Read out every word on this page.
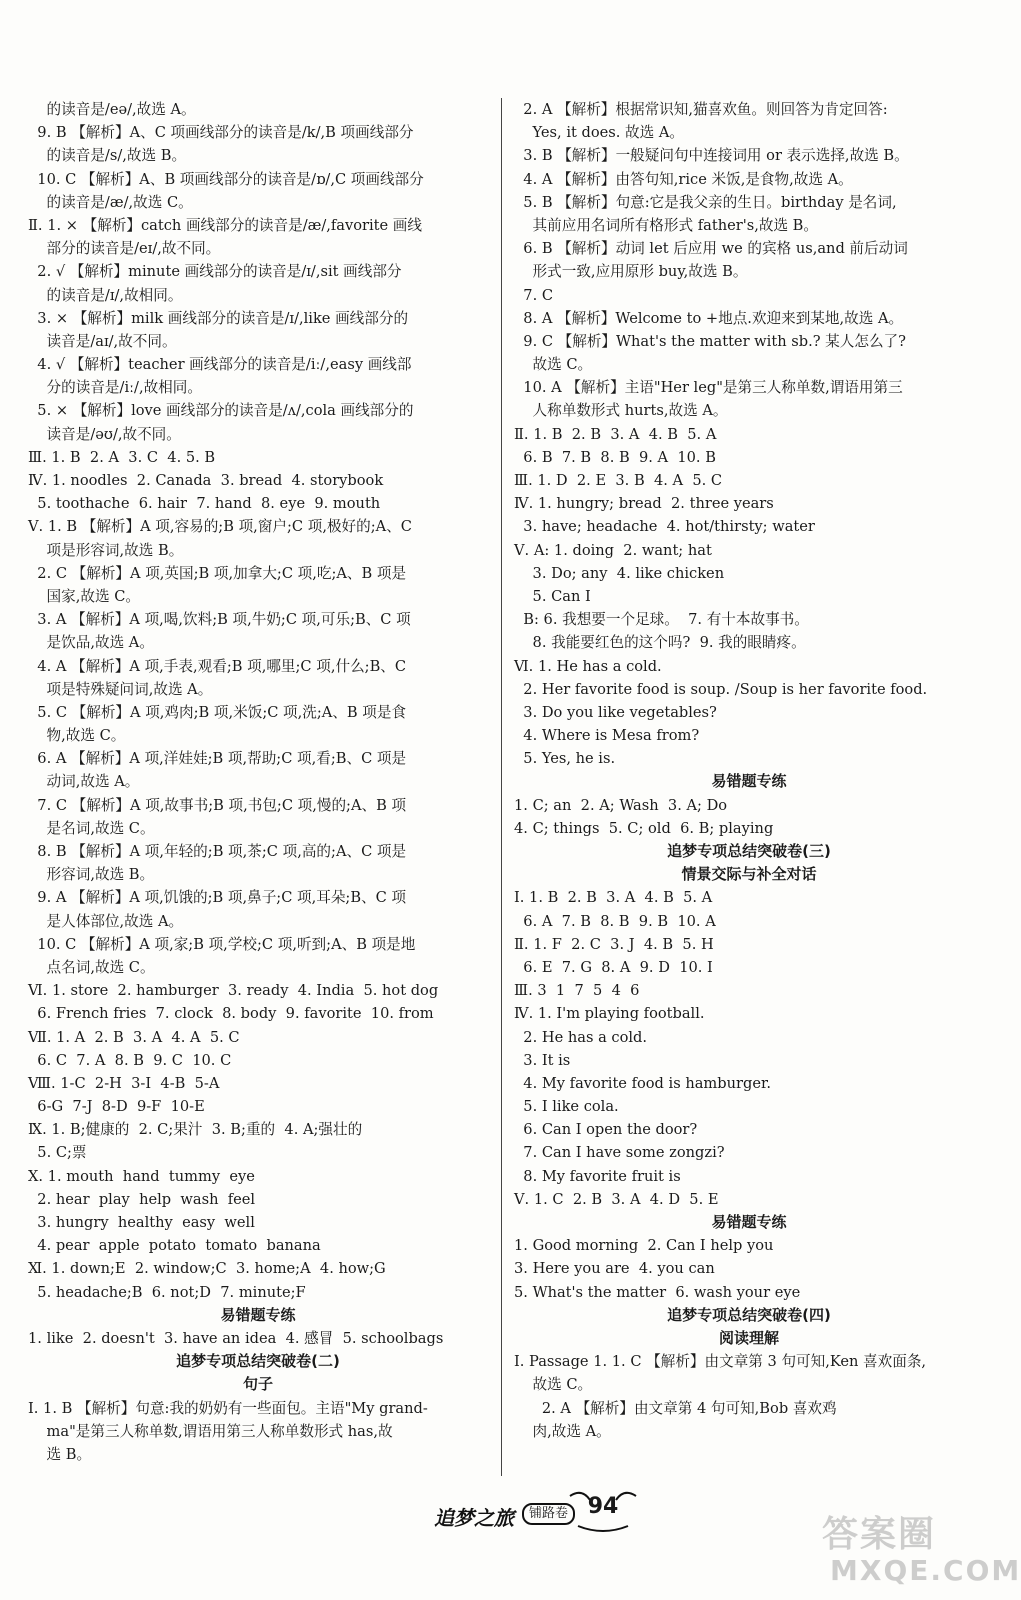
的读音是/eə/,故选 A。
9. B 【解析】A、C 项画线部分的读音是/k/,B 项画线部分
的读音是/s/,故选 B。
10. C 【解析】A、B 项画线部分的读音是/ɒ/,C 项画线部分
的读音是/æ/,故选 C。
Ⅱ. 1. × 【解析】catch 画线部分的读音是/æ/,favorite 画线
部分的读音是/eɪ/,故不同。
2. √ 【解析】minute 画线部分的读音是/ɪ/,sit 画线部分
的读音是/ɪ/,故相同。
3. × 【解析】milk 画线部分的读音是/ɪ/,like 画线部分的
读音是/aɪ/,故不同。
4. √ 【解析】teacher 画线部分的读音是/iː/,easy 画线部
分的读音是/iː/,故相同。
5. × 【解析】love 画线部分的读音是/ʌ/,cola 画线部分的
读音是/əʊ/,故不同。
Ⅲ. 1. B  2. A  3. C  4. 5. B
Ⅳ. 1. noodles  2. Canada  3. bread  4. storybook
5. toothache  6. hair  7. hand  8. eye  9. mouth
Ⅴ. 1. B 【解析】A 项,容易的;B 项,窗户;C 项,极好的;A、C
项是形容词,故选 B。
2. C 【解析】A 项,英国;B 项,加拿大;C 项,吃;A、B 项是
国家,故选 C。
3. A 【解析】A 项,喝,饮料;B 项,牛奶;C 项,可乐;B、C 项
是饮品,故选 A。
4. A 【解析】A 项,手表,观看;B 项,哪里;C 项,什么;B、C
项是特殊疑问词,故选 A。
5. C 【解析】A 项,鸡肉;B 项,米饭;C 项,洗;A、B 项是食
物,故选 C。
6. A 【解析】A 项,洋娃娃;B 项,帮助;C 项,看;B、C 项是
动词,故选 A。
7. C 【解析】A 项,故事书;B 项,书包;C 项,慢的;A、B 项
是名词,故选 C。
8. B 【解析】A 项,年轻的;B 项,茶;C 项,高的;A、C 项是
形容词,故选 B。
9. A 【解析】A 项,饥饿的;B 项,鼻子;C 项,耳朵;B、C 项
是人体部位,故选 A。
10. C 【解析】A 项,家;B 项,学校;C 项,听到;A、B 项是地
点名词,故选 C。
Ⅵ. 1. store  2. hamburger  3. ready  4. India  5. hot dog
6. French fries  7. clock  8. body  9. favorite  10. from
Ⅶ. 1. A  2. B  3. A  4. A  5. C
6. C  7. A  8. B  9. C  10. C
Ⅷ. 1-C  2-H  3-I  4-B  5-A
6-G  7-J  8-D  9-F  10-E
Ⅸ. 1. B;健康的  2. C;果汁  3. B;重的  4. A;强壮的
5. C;票
Ⅹ. 1. mouth  hand  tummy  eye
2. hear  play  help  wash  feel
3. hungry  healthy  easy  well
4. pear  apple  potato  tomato  banana
Ⅺ. 1. down;E  2. window;C  3. home;A  4. how;G
5. headache;B  6. not;D  7. minute;F
易错题专练
1. like  2. doesn't  3. have an idea  4. 感冒  5. schoolbags
追梦专项总结突破卷(二)
句子
Ⅰ. 1. B 【解析】句意:我的奶奶有一些面包。主语"My grand-
ma"是第三人称单数,谓语用第三人称单数形式 has,故
选 B。
2. A 【解析】根据常识知,猫喜欢鱼。则回答为肯定回答:
Yes, it does. 故选 A。
3. B 【解析】一般疑问句中连接词用 or 表示选择,故选 B。
4. A 【解析】由答句知,rice 米饭,是食物,故选 A。
5. B 【解析】句意:它是我父亲的生日。birthday 是名词,
其前应用名词所有格形式 father's,故选 B。
6. B 【解析】动词 let 后应用 we 的宾格 us,and 前后动词
形式一致,应用原形 buy,故选 B。
7. C
8. A 【解析】Welcome to +地点.欢迎来到某地,故选 A。
9. C 【解析】What's the matter with sb.? 某人怎么了?
故选 C。
10. A 【解析】主语"Her leg"是第三人称单数,谓语用第三
人称单数形式 hurts,故选 A。
Ⅱ. 1. B  2. B  3. A  4. B  5. A
6. B  7. B  8. B  9. A  10. B
Ⅲ. 1. D  2. E  3. B  4. A  5. C
Ⅳ. 1. hungry; bread  2. three years
3. have; headache  4. hot/thirsty; water
Ⅴ. A: 1. doing  2. want; hat
3. Do; any  4. like chicken
5. Can I
B: 6. 我想要一个足球。  7. 有十本故事书。
8. 我能要红色的这个吗?  9. 我的眼睛疼。
Ⅵ. 1. He has a cold.
2. Her favorite food is soup. /Soup is her favorite food.
3. Do you like vegetables?
4. Where is Mesa from?
5. Yes, he is.
易错题专练
1. C; an  2. A; Wash  3. A; Do
4. C; things  5. C; old  6. B; playing
追梦专项总结突破卷(三)
情景交际与补全对话
Ⅰ. 1. B  2. B  3. A  4. B  5. A
6. A  7. B  8. B  9. B  10. A
Ⅱ. 1. F  2. C  3. J  4. B  5. H
6. E  7. G  8. A  9. D  10. I
Ⅲ. 3  1  7  5  4  6
Ⅳ. 1. I'm playing football.
2. He has a cold.
3. It is
4. My favorite food is hamburger.
5. I like cola.
6. Can I open the door?
7. Can I have some zongzi?
8. My favorite fruit is
Ⅴ. 1. C  2. B  3. A  4. D  5. E
易错题专练
1. Good morning  2. Can I help you
3. Here you are  4. you can
5. What's the matter  6. wash your eye
追梦专项总结突破卷(四)
阅读理解
Ⅰ. Passage 1. 1. C 【解析】由文章第 3 句可知,Ken 喜欢面条,
故选 C。
2. A 【解析】由文章第 4 句可知,Bob 喜欢鸡
肉,故选 A。
追梦之旅	铺路卷 94
答案圈
MXQE.COM
